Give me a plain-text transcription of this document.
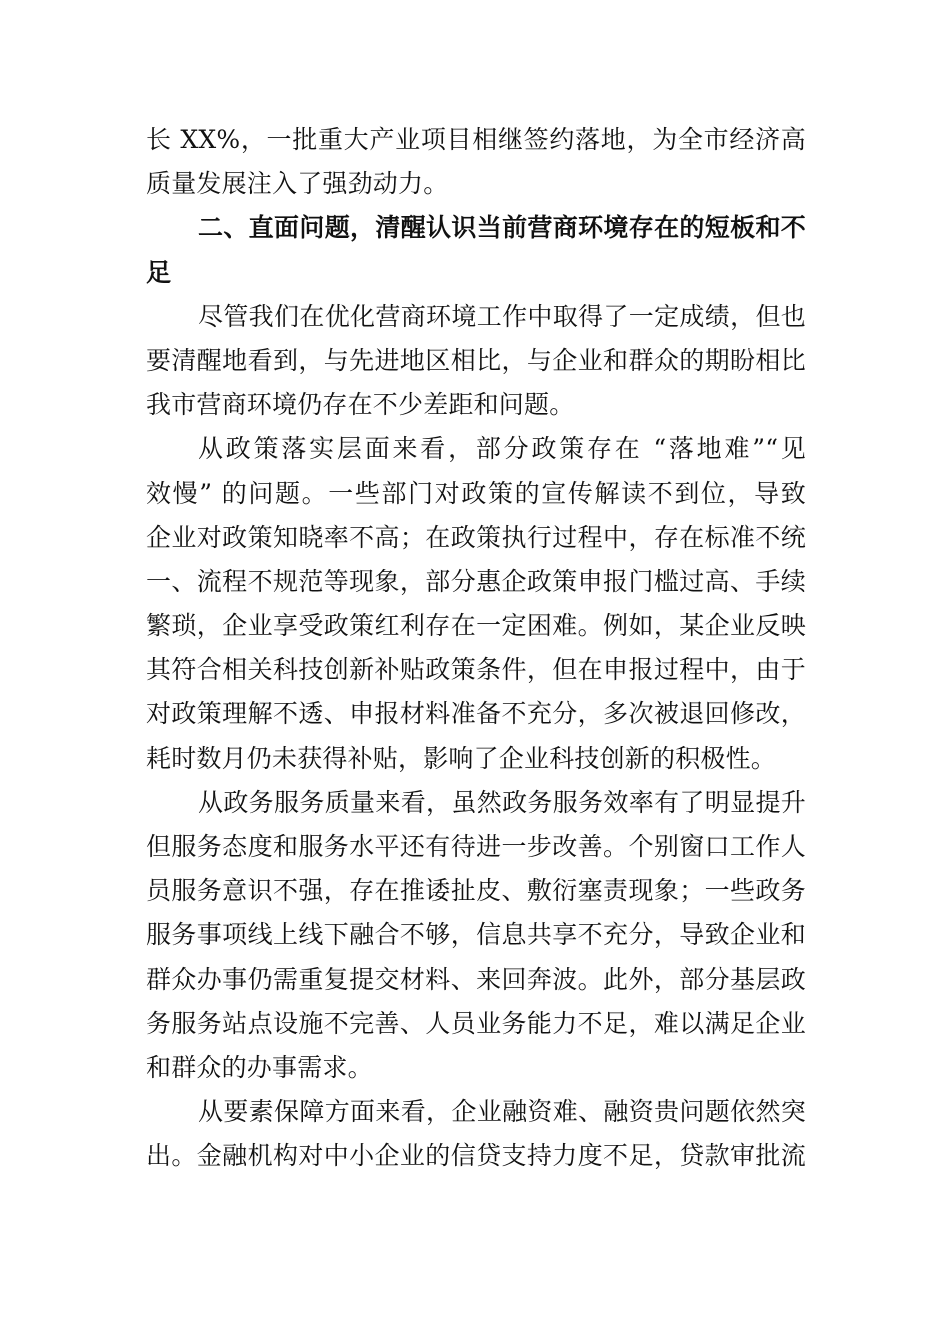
长 XX%，一批重大产业项目相继签约落地，为全市经济高
质量发展注入了强劲动力。
二、直面问题，清醒认识当前营商环境存在的短板和不
足
尽管我们在优化营商环境工作中取得了一定成绩，但也
要清醒地看到，与先进地区相比，与企业和群众的期盼相比
我市营商环境仍存在不少差距和问题。
从政策落实层面来看，部分政策存在 “落地难”“见
效慢” 的问题。一些部门对政策的宣传解读不到位，导致
企业对政策知晓率不高；在政策执行过程中，存在标准不统
一、流程不规范等现象，部分惠企政策申报门槛过高、手续
繁琐，企业享受政策红利存在一定困难。例如，某企业反映
其符合相关科技创新补贴政策条件，但在申报过程中，由于
对政策理解不透、申报材料准备不充分，多次被退回修改，
耗时数月仍未获得补贴，影响了企业科技创新的积极性。
从政务服务质量来看，虽然政务服务效率有了明显提升
但服务态度和服务水平还有待进一步改善。个别窗口工作人
员服务意识不强，存在推诿扯皮、敷衍塞责现象；一些政务
服务事项线上线下融合不够，信息共享不充分，导致企业和
群众办事仍需重复提交材料、来回奔波。此外，部分基层政
务服务站点设施不完善、人员业务能力不足，难以满足企业
和群众的办事需求。
从要素保障方面来看，企业融资难、融资贵问题依然突
出。金融机构对中小企业的信贷支持力度不足，贷款审批流
